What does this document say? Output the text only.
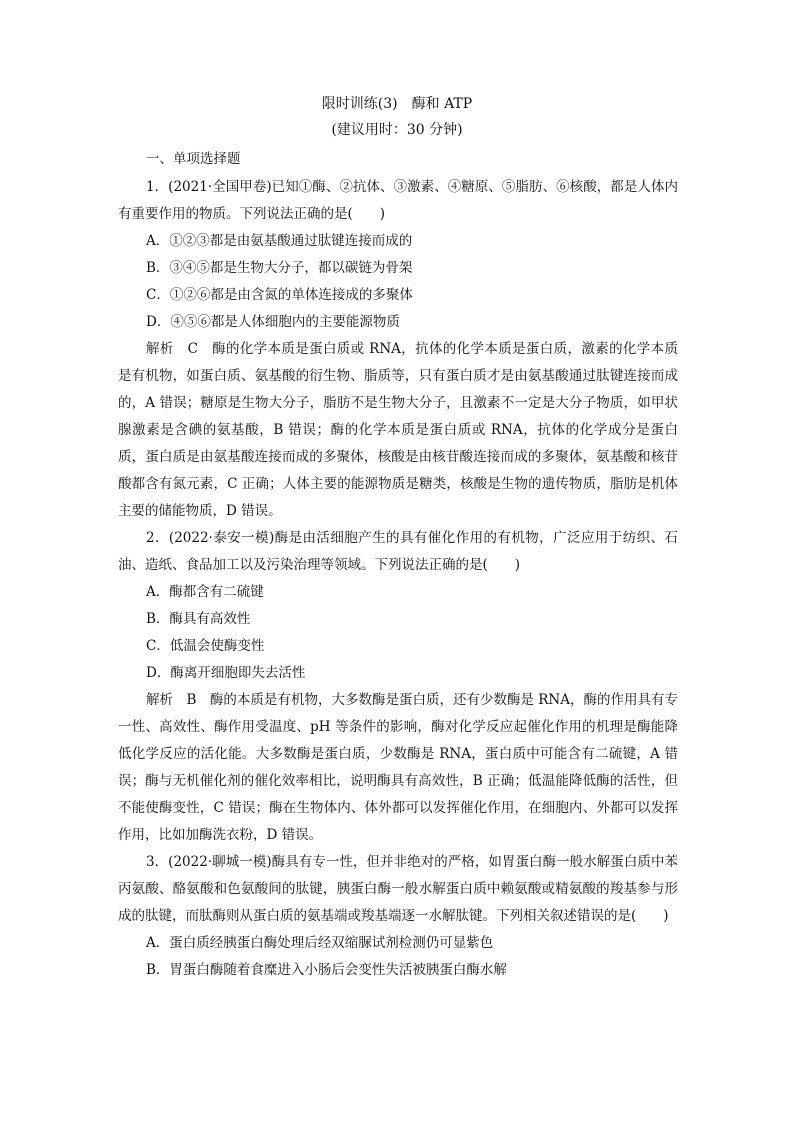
限时训练(3)　酶和 ATP
(建议用时：30 分钟)
一、单项选择题

1．(2021·全国甲卷)已知①酶、②抗体、③激素、④糖原、⑤脂肪、⑥核酸，都是人体内有重要作用的物质。下列说法正确的是(　　)

A．①②③都是由氨基酸通过肽键连接而成的

B．③④⑤都是生物大分子，都以碳链为骨架

C．①②⑥都是由含氮的单体连接成的多聚体

D．④⑤⑥都是人体细胞内的主要能源物质

解析　C　酶的化学本质是蛋白质或 RNA，抗体的化学本质是蛋白质，激素的化学本质是有机物，如蛋白质、氨基酸的衍生物、脂质等，只有蛋白质才是由氨基酸通过肽键连接而成的，A 错误；糖原是生物大分子，脂肪不是生物大分子，且激素不一定是大分子物质，如甲状腺激素是含碘的氨基酸，B 错误；酶的化学本质是蛋白质或 RNA，抗体的化学成分是蛋白质，蛋白质是由氨基酸连接而成的多聚体，核酸是由核苷酸连接而成的多聚体，氨基酸和核苷酸都含有氮元素，C 正确；人体主要的能源物质是糖类，核酸是生物的遗传物质，脂肪是机体主要的储能物质，D 错误。

2．(2022·泰安一模)酶是由活细胞产生的具有催化作用的有机物，广泛应用于纺织、石油、造纸、食品加工以及污染治理等领域。下列说法正确的是(　　)

A．酶都含有二硫键

B．酶具有高效性

C．低温会使酶变性

D．酶离开细胞即失去活性

解析　B　酶的本质是有机物，大多数酶是蛋白质，还有少数酶是 RNA，酶的作用具有专一性、高效性、酶作用受温度、pH 等条件的影响，酶对化学反应起催化作用的机理是酶能降低化学反应的活化能。大多数酶是蛋白质，少数酶是 RNA，蛋白质中可能含有二硫键，A 错误；酶与无机催化剂的催化效率相比，说明酶具有高效性，B 正确；低温能降低酶的活性，但不能使酶变性，C 错误；酶在生物体内、体外都可以发挥催化作用，在细胞内、外都可以发挥作用，比如加酶洗衣粉，D 错误。

3．(2022·聊城一模)酶具有专一性，但并非绝对的严格，如胃蛋白酶一般水解蛋白质中苯丙氨酸、酪氨酸和色氨酸间的肽键，胰蛋白酶一般水解蛋白质中赖氨酸或精氨酸的羧基参与形成的肽键，而肽酶则从蛋白质的氨基端或羧基端逐一水解肽键。下列相关叙述错误的是(　　)

A．蛋白质经胰蛋白酶处理后经双缩脲试剂检测仍可显紫色

B．胃蛋白酶随着食糜进入小肠后会变性失活被胰蛋白酶水解
